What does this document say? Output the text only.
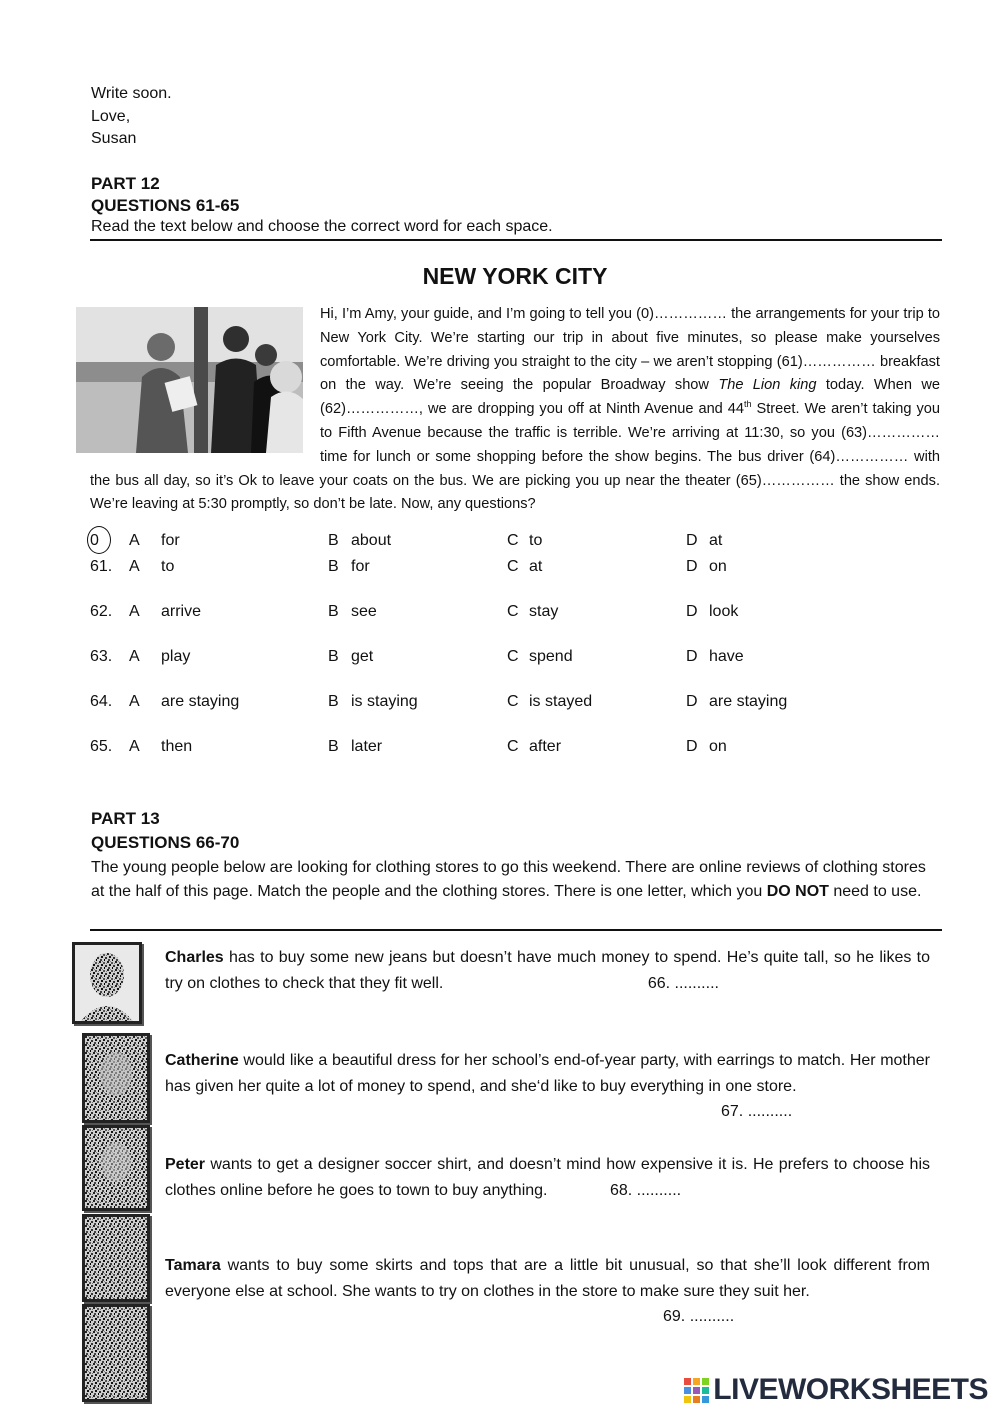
Write soon.
Love,
Susan
PART 12
QUESTIONS 61-65
Read the text below and choose the correct word for each space.
NEW YORK CITY
Hi, I’m Amy, your guide, and I’m going to tell you (0)…………… the arrangements for your trip to New York City. We’re starting our trip in about five minutes, so please make yourselves comfortable. We’re driving you straight to the city – we aren’t stopping (61)…………… breakfast on the way. We’re seeing the popular Broadway show The Lion king today. When we (62)……………, we are dropping you off at Ninth Avenue and 44th Street. We aren’t taking you to Fifth Avenue because the traffic is terrible. We’re arriving at 11:30, so you (63)…………… time for lunch or some shopping before the show begins. The bus driver (64)…………… with the bus all day, so it’s Ok to leave your coats on the bus. We are picking you up near the theater (65)…………… the show ends. We’re leaving at 5:30 promptly, so don’t be late. Now, any questions?
0 A for	B about	C to	D at
61. A to	B for	C at	D on
62. A arrive	B see	C stay	D look
63. A play	B get	C spend	D have
64. A are staying	B is staying	C is stayed	D are staying
65. A then	B later	C after	D on
PART 13
QUESTIONS 66-70
The young people below are looking for clothing stores to go this weekend. There are online reviews of clothing stores at the half of this page. Match the people and the clothing stores. There is one letter, which you DO NOT need to use.
Charles has to buy some new jeans but doesn’t have much money to spend. He’s quite tall, so he likes to try on clothes to check that they fit well.	66. ..........
Catherine would like a beautiful dress for her school’s end-of-year party, with earrings to match. Her mother has given her quite a lot of money to spend, and she‘d like to buy everything in one store.
67. ..........
Peter wants to get a designer soccer shirt, and doesn’t mind how expensive it is. He prefers to choose his clothes online before he goes to town to buy anything.	68. ..........
Tamara wants to buy some skirts and tops that are a little bit unusual, so that she’ll look different from everyone else at school. She wants to try on clothes in the store to make sure they suit her.
69. ..........
LIVEWORKSHEETS
